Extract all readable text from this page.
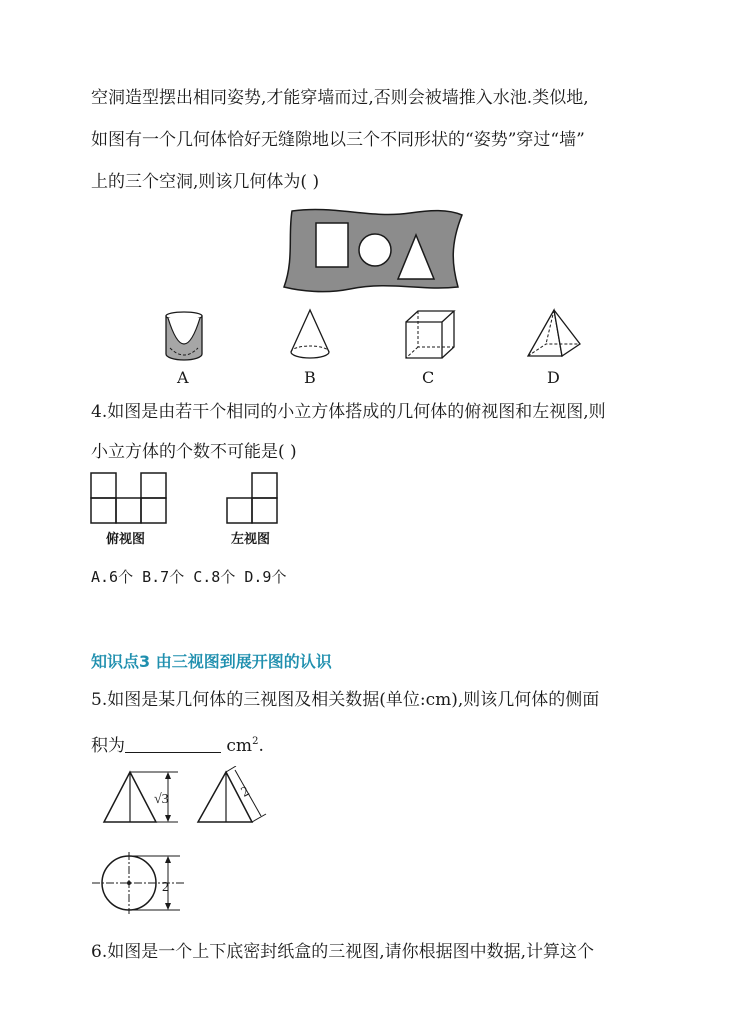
空洞造型摆出相同姿势,才能穿墙而过,否则会被墙推入水池.类似地,
如图有一个几何体恰好无缝隙地以三个不同形状的“姿势”穿过“墙”
上的三个空洞,则该几何体为( )
A	B	C	D
4.如图是由若干个相同的小立方体搭成的几何体的俯视图和左视图,则
小立方体的个数不可能是( )
俯视图	左视图
A.6个 B.7个 C.8个 D.9个
知识点3 由三视图到展开图的认识
5.如图是某几何体的三视图及相关数据(单位:cm),则该几何体的侧面
积为	$cm^2$.
√3	2
2
6.如图是一个上下底密封纸盒的三视图,请你根据图中数据,计算这个
